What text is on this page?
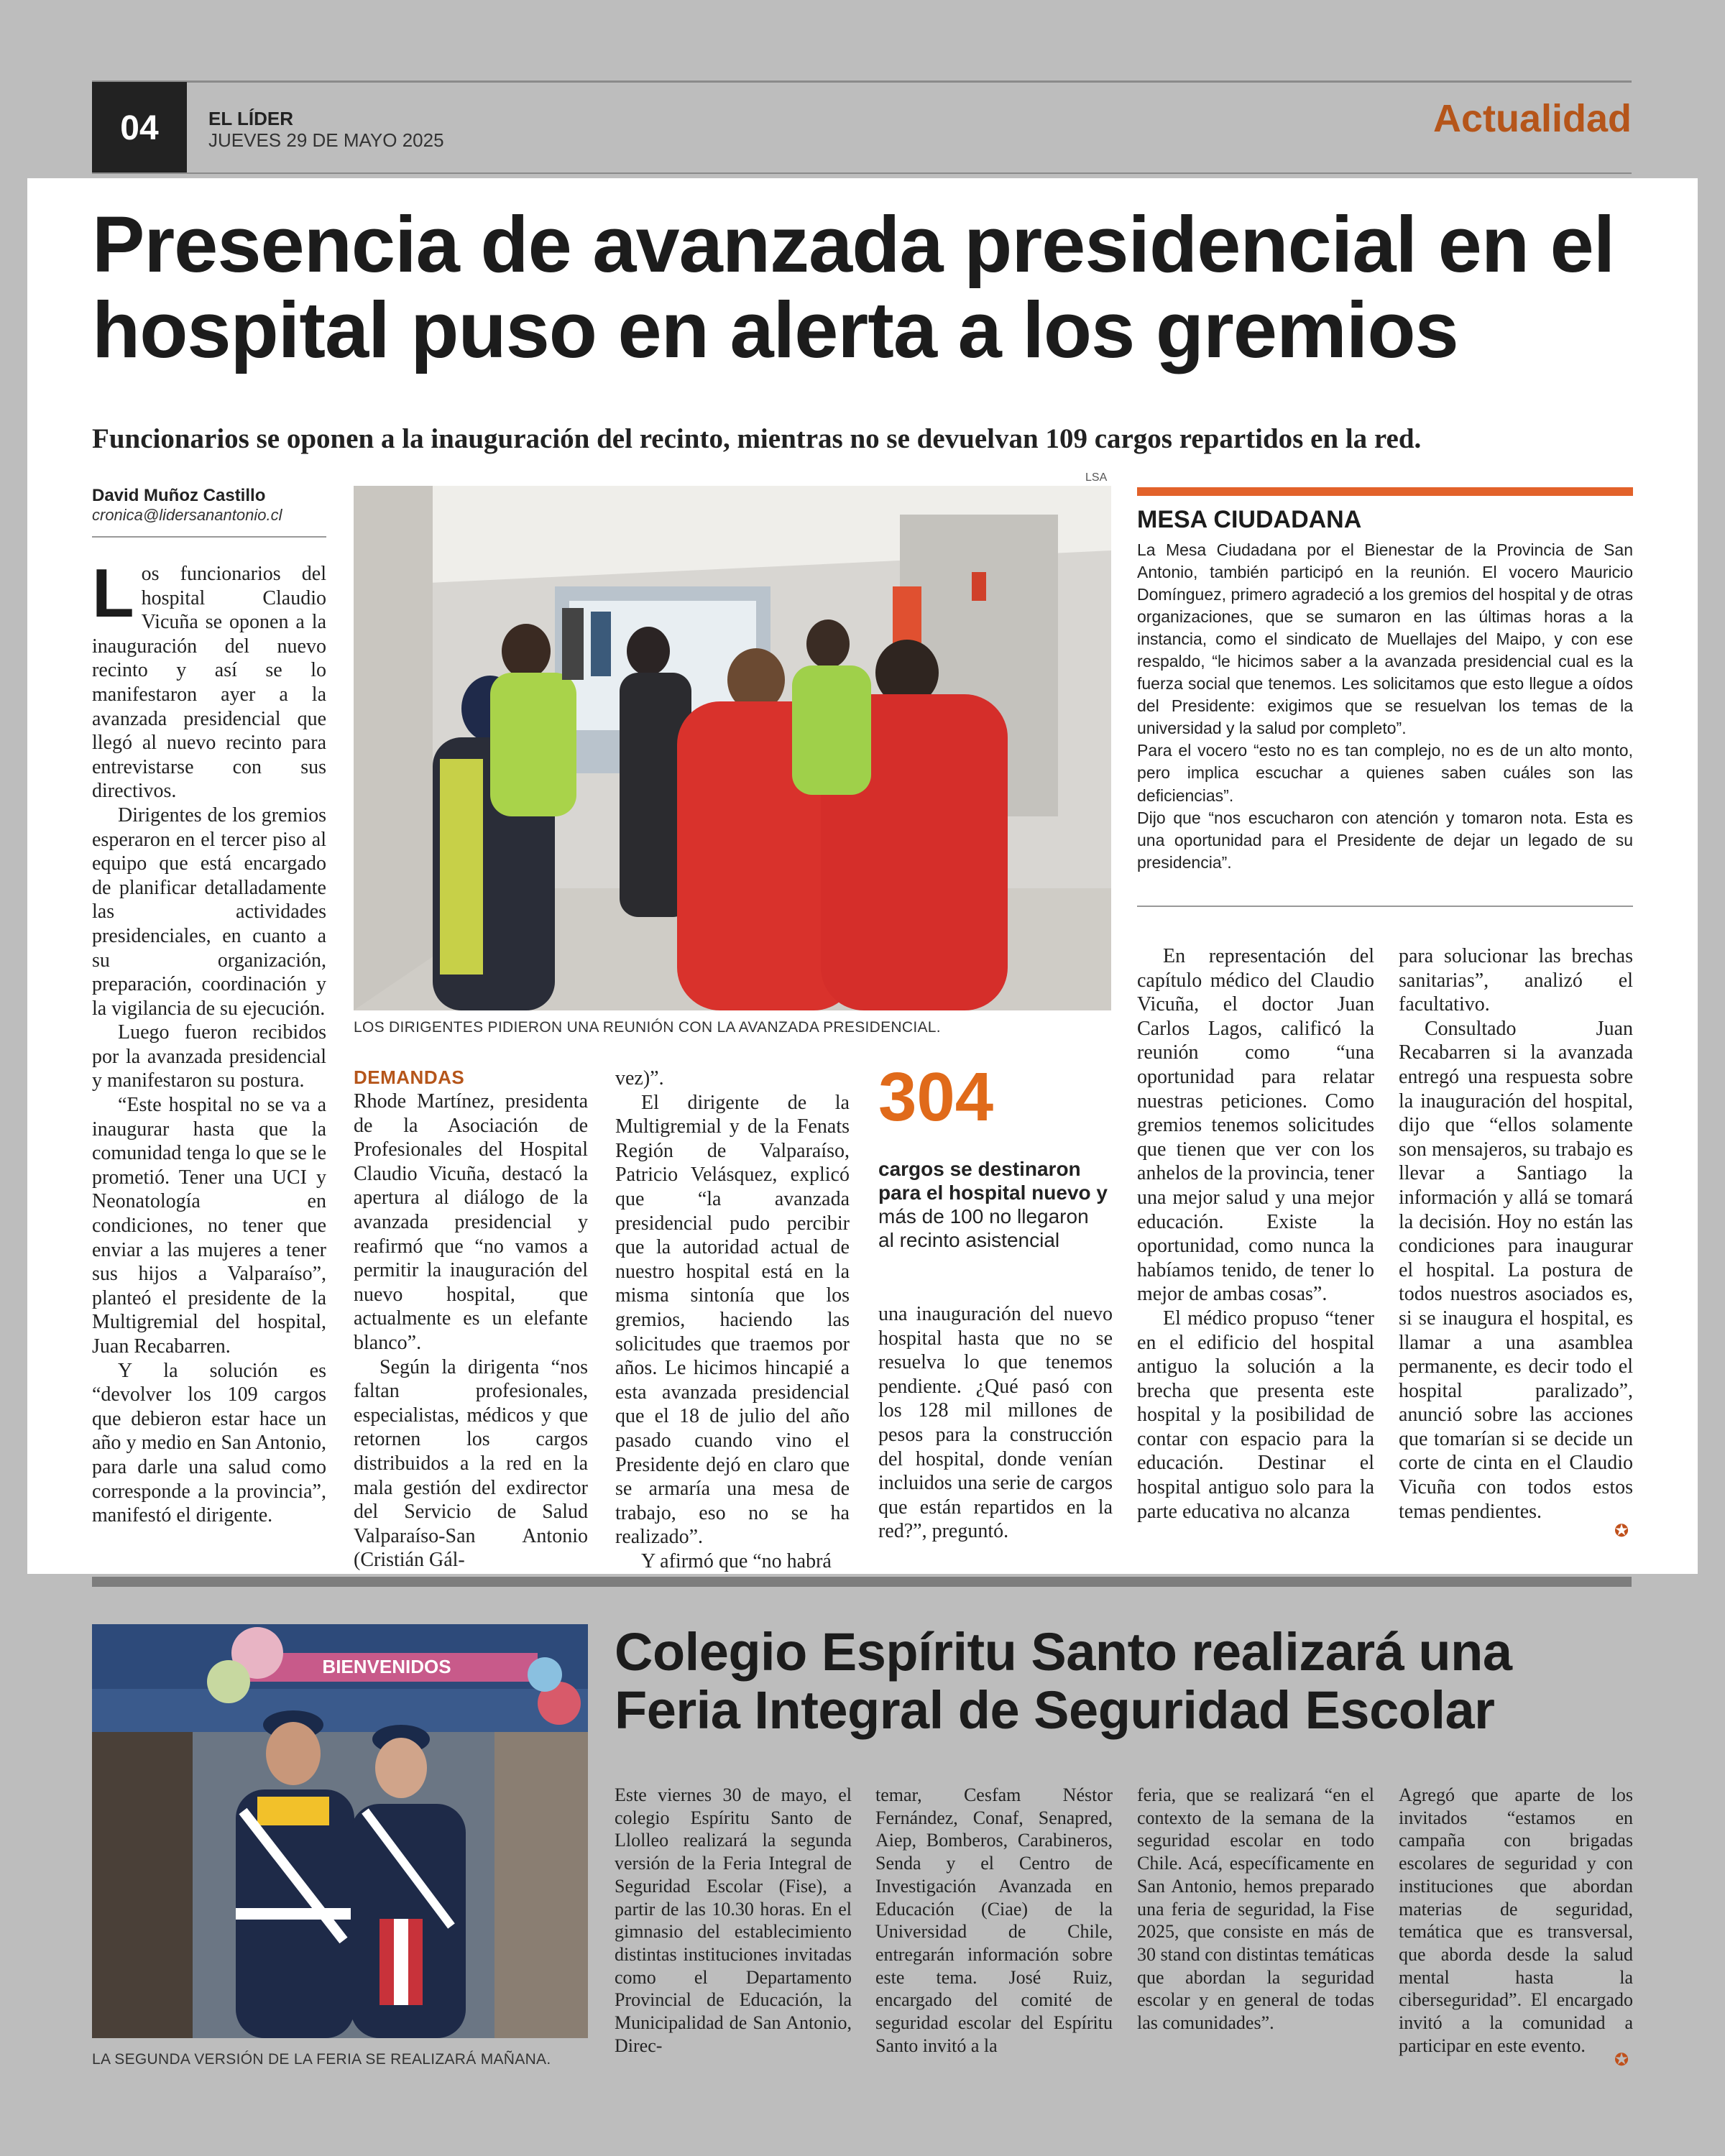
04	EL LÍDER
JUEVES 29 DE MAYO 2025	Actualidad
Presencia de avanzada presidencial en el hospital puso en alerta a los gremios
Funcionarios se oponen a la inauguración del recinto, mientras no se devuelvan 109 cargos repartidos en la red.
David Muñoz Castillo
cronica@lidersanantonio.cl

Los funcionarios del hospital Claudio Vicuña se oponen a la inauguración del nuevo recinto y así se lo manifestaron ayer a la avanzada presidencial que llegó al nuevo recinto para entrevistarse con sus directivos.

Dirigentes de los gremios esperaron en el tercer piso al equipo que está encargado de planificar detalladamente las actividades presidenciales, en cuanto a su organización, preparación, coordinación y la vigilancia de su ejecución.

Luego fueron recibidos por la avanzada presidencial y manifestaron su postura.

“Este hospital no se va a inaugurar hasta que la comunidad tenga lo que se le prometió. Tener una UCI y Neonatología en condiciones, no tener que enviar a las mujeres a tener sus hijos a Valparaíso”, planteó el presidente de la Multigremial del hospital, Juan Recabarren.

Y la solución es “devolver los 109 cargos que debieron estar hace un año y medio en San Antonio, para darle una salud como corresponde a la provincia”, manifestó el dirigente.

LSA
LOS DIRIGENTES PIDIERON UNA REUNIÓN CON LA AVANZADA PRESIDENCIAL.
DEMANDAS

Rhode Martínez, presidenta de la Asociación de Profesionales del Hospital Claudio Vicuña, destacó la apertura al diálogo de la avanzada presidencial y reafirmó que “no vamos a permitir la inauguración del nuevo hospital, que actualmente es un elefante blanco”.

Según la dirigenta “nos faltan profesionales, especialistas, médicos y que retornen los cargos distribuidos a la red en la mala gestión del exdirector del Servicio de Salud Valparaíso-San Antonio (Cristián Gál-

vez)”.

El dirigente de la Multigremial y de la Fenats Región de Valparaíso, Patricio Velásquez, explicó que “la avanzada presidencial pudo percibir que la autoridad actual de nuestro hospital está en la misma sintonía que los gremios, haciendo las solicitudes que traemos por años. Le hicimos hincapié a esta avanzada presidencial que el 18 de julio del año pasado cuando vino el Presidente dejó en claro que se armaría una mesa de trabajo, eso no se ha realizado”.

Y afirmó que “no habrá

304
cargos se destinaron para el hospital nuevo y más de 100 no llegaron al recinto asistencial

una inauguración del nuevo hospital hasta que no se resuelva lo que tenemos pendiente. ¿Qué pasó con los 128 mil millones de pesos para la construcción del hospital, donde venían incluidos una serie de cargos que están repartidos en la red?”, preguntó.

MESA CIUDADANA

La Mesa Ciudadana por el Bienestar de la Provincia de San Antonio, también participó en la reunión. El vocero Mauricio Domínguez, primero agradeció a los gremios del hospital y de otras organizaciones, que se sumaron en las últimas horas a la instancia, como el sindicato de Muellajes del Maipo, y con ese respaldo, “le hicimos saber a la avanzada presidencial cual es la fuerza social que tenemos. Les solicitamos que esto llegue a oídos del Presidente: exigimos que se resuelvan los temas de la universidad y la salud por completo”.

Para el vocero “esto no es tan complejo, no es de un alto monto, pero implica escuchar a quienes saben cuáles son las deficiencias”.

Dijo que “nos escucharon con atención y tomaron nota. Esta es una oportunidad para el Presidente de dejar un legado de su presidencia”.

En representación del capítulo médico del Claudio Vicuña, el doctor Juan Carlos Lagos, calificó la reunión como “una oportunidad para relatar nuestras peticiones. Como gremios tenemos solicitudes que tienen que ver con los anhelos de la provincia, tener una mejor salud y una mejor educación. Existe la oportunidad, como nunca la habíamos tenido, de tener lo mejor de ambas cosas”.

El médico propuso “tener en el edificio del hospital antiguo la solución a la brecha que presenta este hospital y la posibilidad de contar con espacio para la educación. Destinar el hospital antiguo solo para la parte educativa no alcanza

para solucionar las brechas sanitarias”, analizó el facultativo.

Consultado Juan Recabarren si la avanzada entregó una respuesta sobre la inauguración del hospital, dijo que “ellos solamente son mensajeros, su trabajo es llevar a Santiago la información y allá se tomará la decisión. Hoy no están las condiciones para inaugurar el hospital. La postura de todos nuestros asociados es, si se inaugura el hospital, es llamar a una asamblea permanente, es decir todo el hospital paralizado”, anunció sobre las acciones que tomarían si se decide un corte de cinta en el Claudio Vicuña con todos estos temas pendientes.

✪
BIENVENIDOS
LA SEGUNDA VERSIÓN DE LA FERIA SE REALIZARÁ MAÑANA.
Colegio Espíritu Santo realizará una Feria Integral de Seguridad Escolar

Este viernes 30 de mayo, el colegio Espíritu Santo de Llolleo realizará la segunda versión de la Feria Integral de Seguridad Escolar (Fise), a partir de las 10.30 horas. En el gimnasio del establecimiento distintas instituciones invitadas como el Departamento Provincial de Educación, la Municipalidad de San Antonio, Direc-

temar, Cesfam Néstor Fernández, Conaf, Senapred, Aiep, Bomberos, Carabineros, Senda y el Centro de Investigación Avanzada en Educación (Ciae) de la Universidad de Chile, entregarán información sobre este tema. José Ruiz, encargado del comité de seguridad escolar del Espíritu Santo invitó a la

feria, que se realizará “en el contexto de la semana de la seguridad escolar en todo Chile. Acá, específicamente en San Antonio, hemos preparado una feria de seguridad, la Fise 2025, que consiste en más de 30 stand con distintas temáticas que abordan la seguridad escolar y en general de todas las comunidades”.

Agregó que aparte de los invitados “estamos en campaña con brigadas escolares de seguridad y con instituciones que abordan materias de seguridad, temática que es transversal, que aborda desde la salud mental hasta la ciberseguridad”. El encargado invitó a la comunidad a participar en este evento.

✪
